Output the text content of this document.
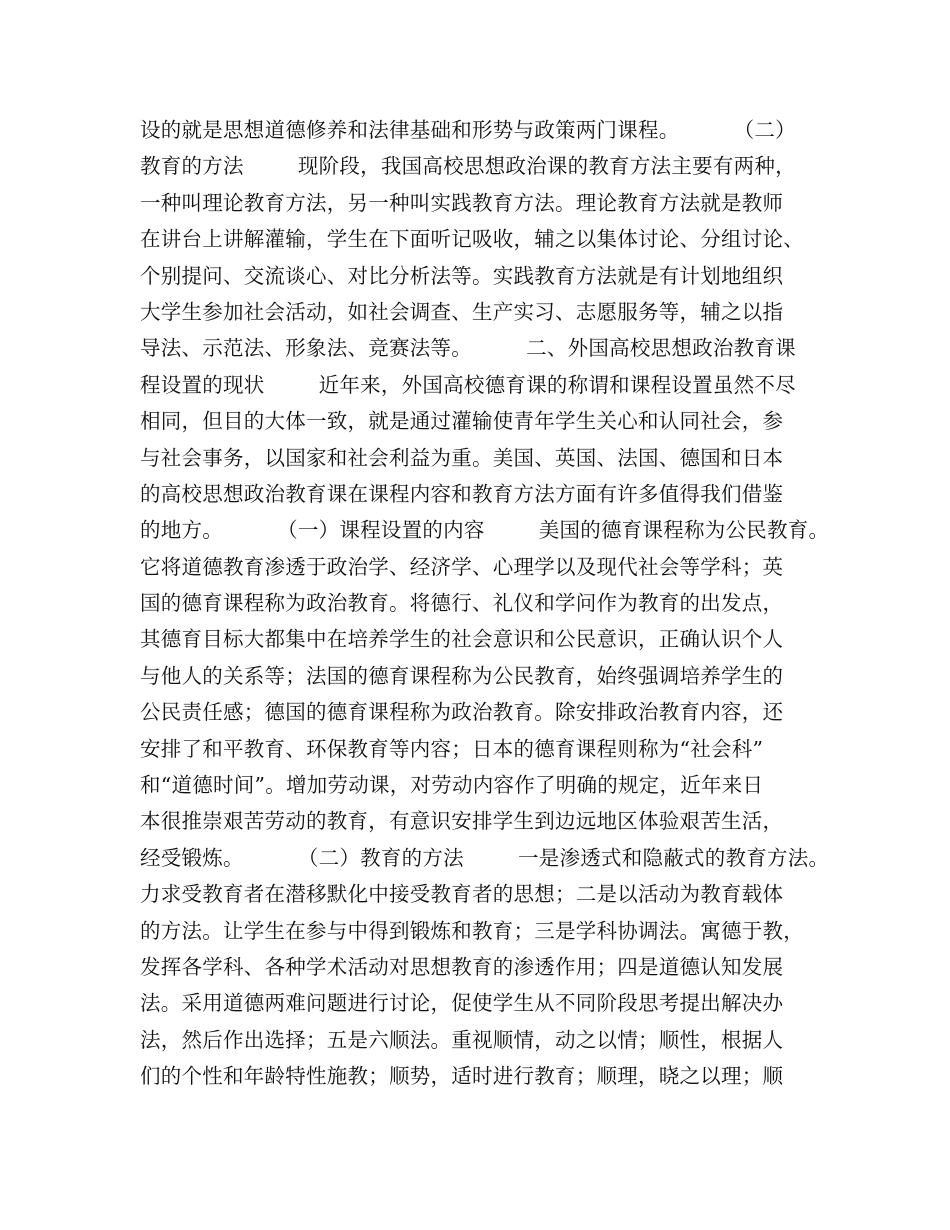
设的就是思想道德修养和法律基础和形势与政策两门课程。        （二）
教育的方法        现阶段，我国高校思想政治课的教育方法主要有两种，
一种叫理论教育方法，另一种叫实践教育方法。理论教育方法就是教师
在讲台上讲解灌输，学生在下面听记吸收，辅之以集体讨论、分组讨论、
个别提问、交流谈心、对比分析法等。实践教育方法就是有计划地组织
大学生参加社会活动，如社会调查、生产实习、志愿服务等，辅之以指
导法、示范法、形象法、竞赛法等。        二、外国高校思想政治教育课
程设置的现状        近年来，外国高校德育课的称谓和课程设置虽然不尽
相同，但目的大体一致，就是通过灌输使青年学生关心和认同社会，参
与社会事务，以国家和社会利益为重。美国、英国、法国、德国和日本
的高校思想政治教育课在课程内容和教育方法方面有许多值得我们借鉴
的地方。        （一）课程设置的内容        美国的德育课程称为公民教育。
它将道德教育渗透于政治学、经济学、心理学以及现代社会等学科；英
国的德育课程称为政治教育。将德行、礼仪和学问作为教育的出发点，
其德育目标大都集中在培养学生的社会意识和公民意识，正确认识个人
与他人的关系等；法国的德育课程称为公民教育，始终强调培养学生的
公民责任感；德国的德育课程称为政治教育。除安排政治教育内容，还
安排了和平教育、环保教育等内容；日本的德育课程则称为“社会科”
和“道德时间”。增加劳动课，对劳动内容作了明确的规定，近年来日
本很推崇艰苦劳动的教育，有意识安排学生到边远地区体验艰苦生活，
经受锻炼。        （二）教育的方法        一是渗透式和隐蔽式的教育方法。
力求受教育者在潜移默化中接受教育者的思想；二是以活动为教育载体
的方法。让学生在参与中得到锻炼和教育；三是学科协调法。寓德于教，
发挥各学科、各种学术活动对思想教育的渗透作用；四是道德认知发展
法。采用道德两难问题进行讨论，促使学生从不同阶段思考提出解决办
法，然后作出选择；五是六顺法。重视顺情，动之以情；顺性，根据人
们的个性和年龄特性施教；顺势，适时进行教育；顺理，晓之以理；顺
